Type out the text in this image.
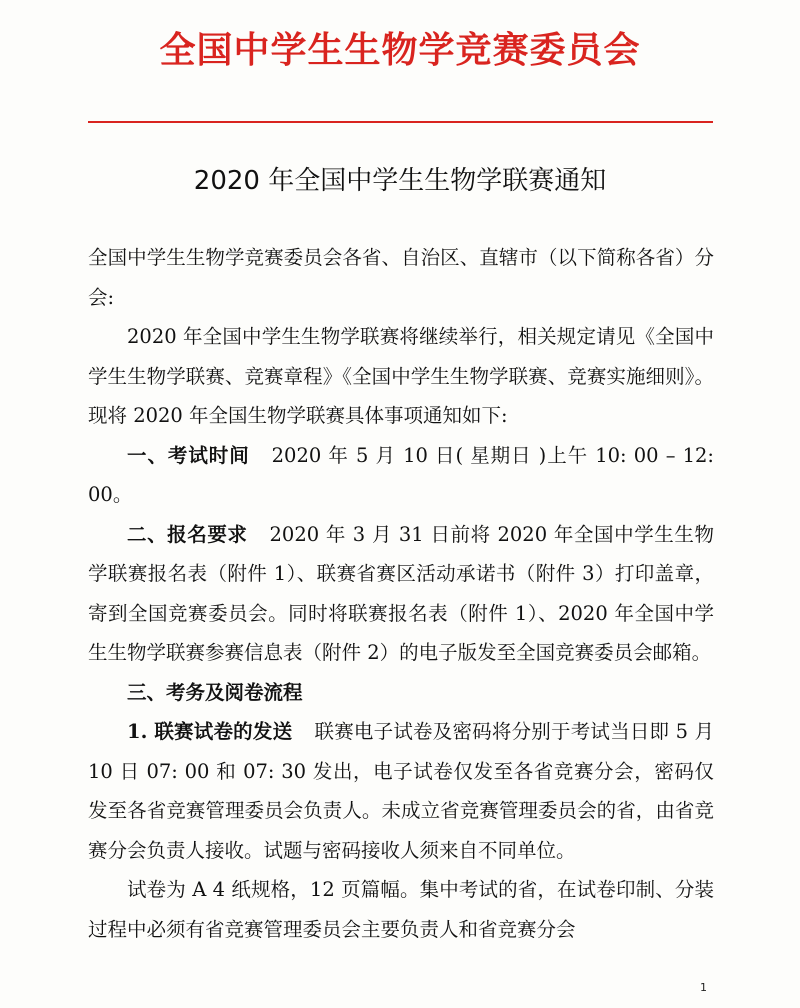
全国中学生生物学竞赛委员会
2020 年全国中学生生物学联赛通知

全国中学生生物学竞赛委员会各省、自治区、直辖市（以下简称各省）分会:

2020 年全国中学生生物学联赛将继续举行，相关规定请见《全国中学生生物学联赛、竞赛章程》《全国中学生生物学联赛、竞赛实施细则》。现将 2020 年全国生物学联赛具体事项通知如下:

一、考试时间 2020 年 5 月 10 日( 星期日 )上午 10: 00 – 12: 00。

二、报名要求 2020 年 3 月 31 日前将 2020 年全国中学生生物学联赛报名表（附件 1）、联赛省赛区活动承诺书（附件 3）打印盖章，寄到全国竞赛委员会。同时将联赛报名表（附件 1）、2020 年全国中学生生物学联赛参赛信息表（附件 2）的电子版发至全国竞赛委员会邮箱。

三、考务及阅卷流程

1. 联赛试卷的发送 联赛电子试卷及密码将分别于考试当日即 5 月 10 日 07: 00 和 07: 30 发出，电子试卷仅发至各省竞赛分会，密码仅发至各省竞赛管理委员会负责人。未成立省竞赛管理委员会的省，由省竞赛分会负责人接收。试题与密码接收人须来自不同单位。

试卷为 A 4 纸规格，12 页篇幅。集中考试的省，在试卷印制、分装过程中必须有省竞赛管理委员会主要负责人和省竞赛分会

1
